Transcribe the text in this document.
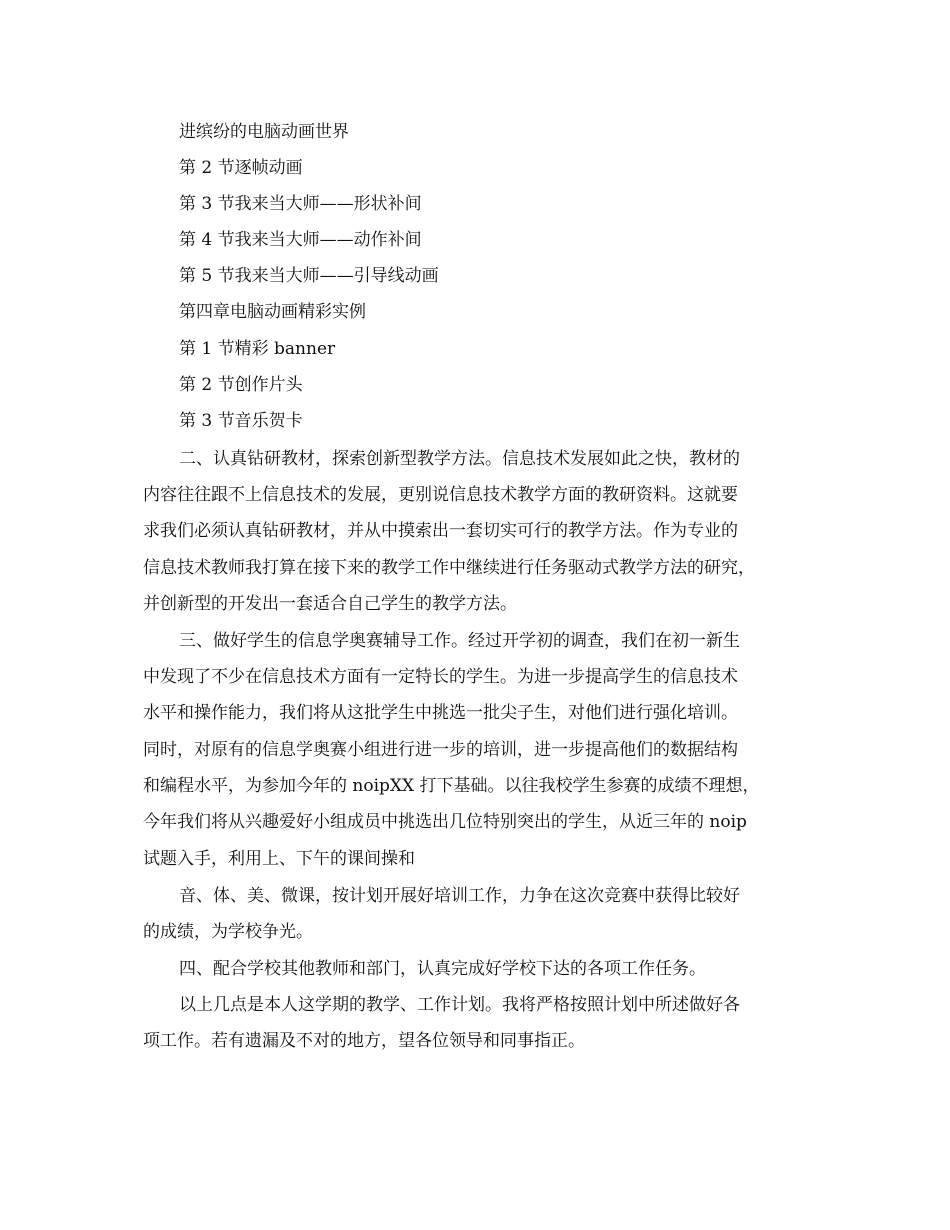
进缤纷的电脑动画世界
第 2 节逐帧动画
第 3 节我来当大师——形状补间
第 4 节我来当大师——动作补间
第 5 节我来当大师——引导线动画
第四章电脑动画精彩实例
第 1 节精彩 banner
第 2 节创作片头
第 3 节音乐贺卡
二、认真钻研教材，探索创新型教学方法。信息技术发展如此之快，教材的
内容往往跟不上信息技术的发展，更别说信息技术教学方面的教研资料。这就要
求我们必须认真钻研教材，并从中摸索出一套切实可行的教学方法。作为专业的
信息技术教师我打算在接下来的教学工作中继续进行任务驱动式教学方法的研究，
并创新型的开发出一套适合自己学生的教学方法。
三、做好学生的信息学奥赛辅导工作。经过开学初的调查，我们在初一新生
中发现了不少在信息技术方面有一定特长的学生。为进一步提高学生的信息技术
水平和操作能力，我们将从这批学生中挑选一批尖子生，对他们进行强化培训。
同时，对原有的信息学奥赛小组进行进一步的培训，进一步提高他们的数据结构
和编程水平，为参加今年的 noipXX 打下基础。以往我校学生参赛的成绩不理想，
今年我们将从兴趣爱好小组成员中挑选出几位特别突出的学生，从近三年的 noip
试题入手，利用上、下午的课间操和
音、体、美、微课，按计划开展好培训工作，力争在这次竞赛中获得比较好
的成绩，为学校争光。
四、配合学校其他教师和部门，认真完成好学校下达的各项工作任务。
以上几点是本人这学期的教学、工作计划。我将严格按照计划中所述做好各
项工作。若有遗漏及不对的地方，望各位领导和同事指正。
